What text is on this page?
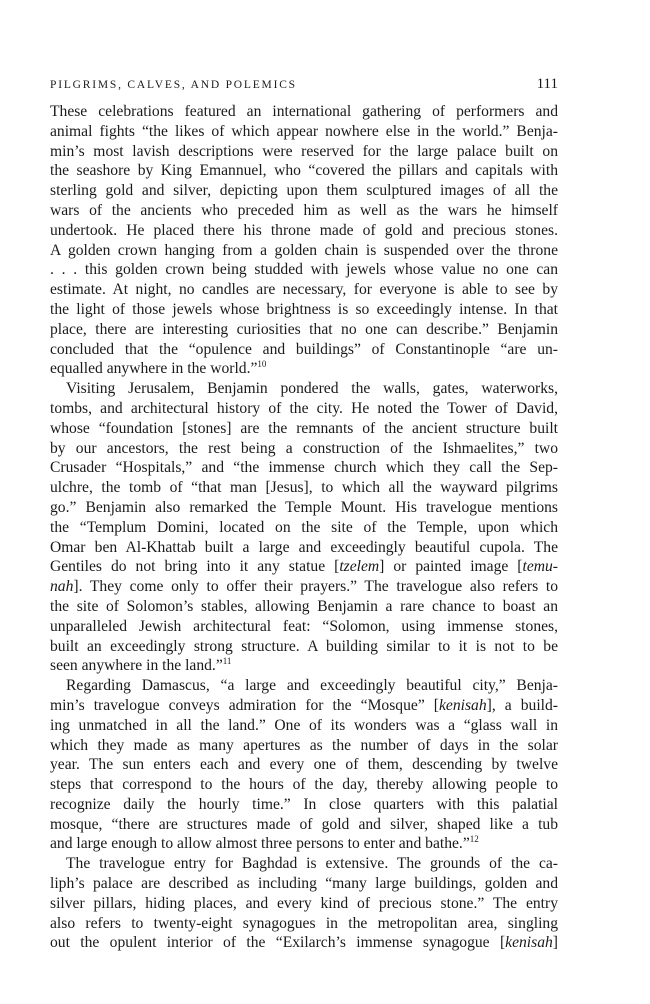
PILGRIMS, CALVES, AND POLEMICS	111
These celebrations featured an international gathering of performers and
animal fights “the likes of which appear nowhere else in the world.” Benja-
min’s most lavish descriptions were reserved for the large palace built on
the seashore by King Emannuel, who “covered the pillars and capitals with
sterling gold and silver, depicting upon them sculptured images of all the
wars of the ancients who preceded him as well as the wars he himself
undertook. He placed there his throne made of gold and precious stones.
A golden crown hanging from a golden chain is suspended over the throne
. . . this golden crown being studded with jewels whose value no one can
estimate. At night, no candles are necessary, for everyone is able to see by
the light of those jewels whose brightness is so exceedingly intense. In that
place, there are interesting curiosities that no one can describe.” Benjamin
concluded that the “opulence and buildings” of Constantinople “are un-
equalled anywhere in the world.”$^{10}$
Visiting Jerusalem, Benjamin pondered the walls, gates, waterworks,
tombs, and architectural history of the city. He noted the Tower of David,
whose “foundation [stones] are the remnants of the ancient structure built
by our ancestors, the rest being a construction of the Ishmaelites,” two
Crusader “Hospitals,” and “the immense church which they call the Sep-
ulchre, the tomb of “that man [Jesus], to which all the wayward pilgrims
go.” Benjamin also remarked the Temple Mount. His travelogue mentions
the “Templum Domini, located on the site of the Temple, upon which
Omar ben Al-Khattab built a large and exceedingly beautiful cupola. The
Gentiles do not bring into it any statue [tzelem] or painted image [temu-
nah]. They come only to offer their prayers.” The travelogue also refers to
the site of Solomon’s stables, allowing Benjamin a rare chance to boast an
unparalleled Jewish architectural feat: “Solomon, using immense stones,
built an exceedingly strong structure. A building similar to it is not to be
seen anywhere in the land.”$^{11}$
Regarding Damascus, “a large and exceedingly beautiful city,” Benja-
min’s travelogue conveys admiration for the “Mosque” [kenisah], a build-
ing unmatched in all the land.” One of its wonders was a “glass wall in
which they made as many apertures as the number of days in the solar
year. The sun enters each and every one of them, descending by twelve
steps that correspond to the hours of the day, thereby allowing people to
recognize daily the hourly time.” In close quarters with this palatial
mosque, “there are structures made of gold and silver, shaped like a tub
and large enough to allow almost three persons to enter and bathe.”$^{12}$
The travelogue entry for Baghdad is extensive. The grounds of the ca-
liph’s palace are described as including “many large buildings, golden and
silver pillars, hiding places, and every kind of precious stone.” The entry
also refers to twenty-eight synagogues in the metropolitan area, singling
out the opulent interior of the “Exilarch’s immense synagogue [kenisah]
